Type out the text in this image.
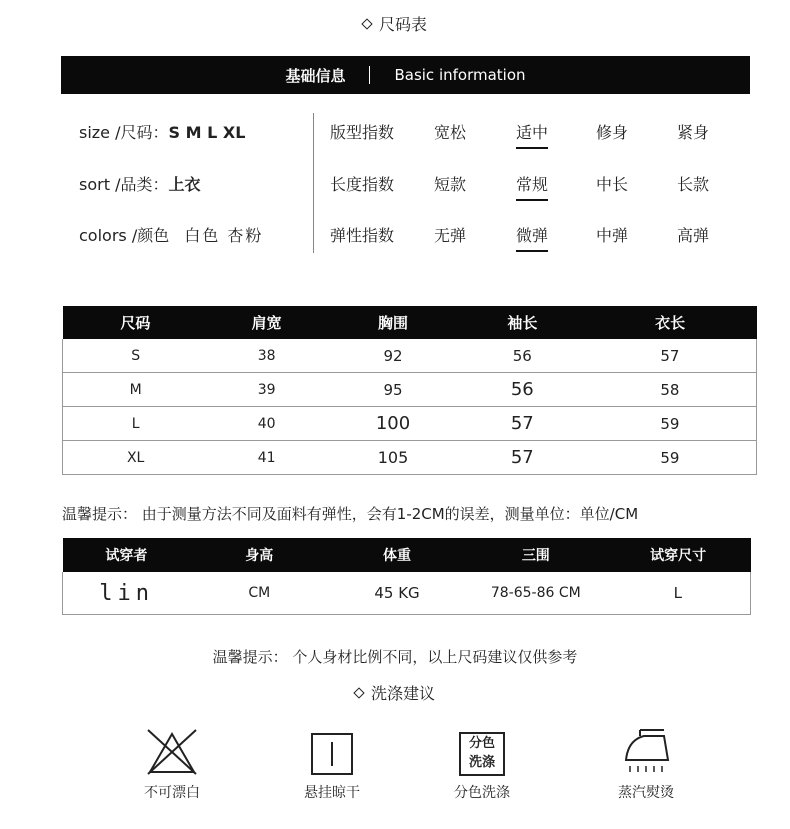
尺码表
基础信息	Basic information
size /尺码：S M L XL
sort /品类：上衣
colors /颜色 白色 杏粉
版型指数 宽松	适中	修身	紧身
长度指数 短款	常规	中长	长款
弹性指数 无弹	微弹	中弹	高弹
尺码	肩宽	胸围	袖长	衣长
S	38	92	56	57
M	39	95	56	58
L	40	100	57	59
XL	41	105	57	59
温馨提示： 由于测量方法不同及面料有弹性，会有1-2CM的误差，测量单位：单位/CM
试穿者	身高	体重	三围	试穿尺寸
lin	CM	45 KG	78-65-86 CM	L
温馨提示： 个人身材比例不同，以上尺码建议仅供参考
洗涤建议
不可漂白	悬挂晾干
分色
洗涤
分色洗涤	蒸汽熨烫
